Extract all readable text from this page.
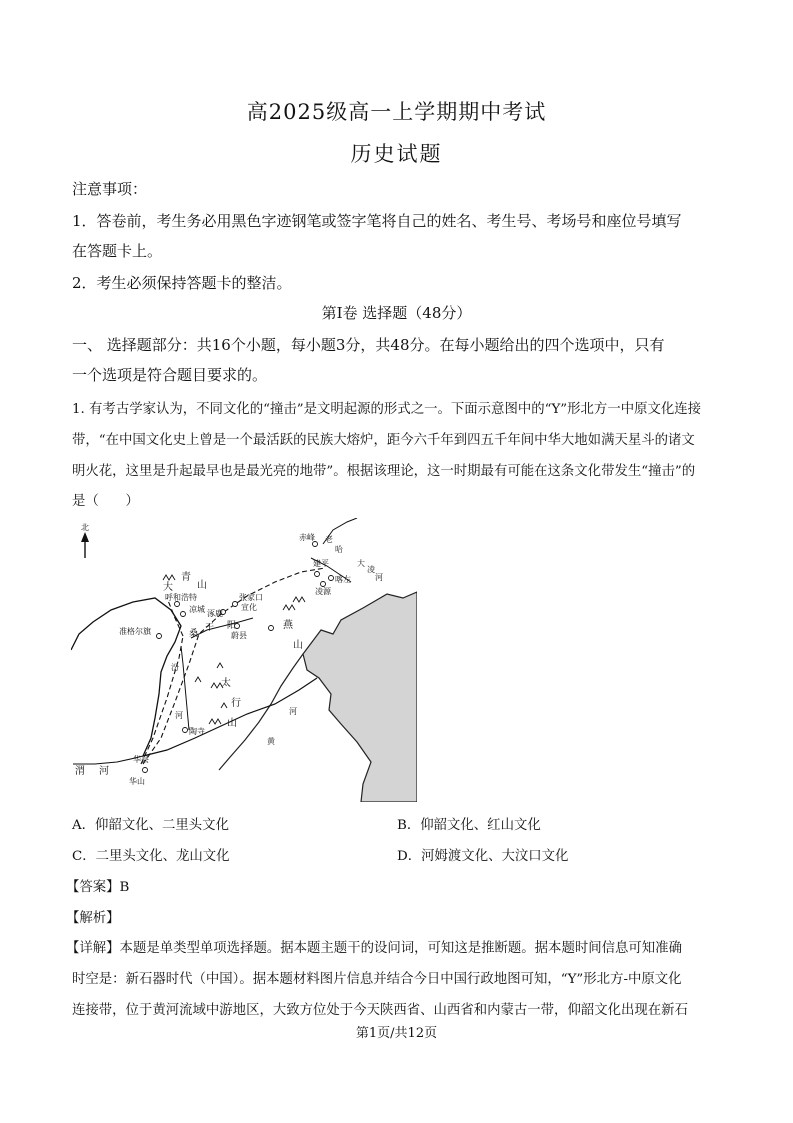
高2025级高一上学期期中考试
历史试题
注意事项：
1．答卷前，考生务必用黑色字迹钢笔或签字笔将自己的姓名、考生号、考场号和座位号填写
在答题卡上。
2．考生必须保持答题卡的整洁。
第Ⅰ卷 选择题（48分）
一、 选择题部分：共16个小题，每小题3分，共48分。在每小题给出的四个选项中，只有
一个选项是符合题目要求的。
1. 有考古学家认为，不同文化的“撞击”是文明起源的形式之一。下面示意图中的“Y”形北方一中原文化连接
带，“在中国文化史上曾是一个最活跃的民族大熔炉，距今六千年到四五千年间中华大地如满天星斗的诸文
明火花，这里是升起最早也是最光亮的地带”。根据该理论，这一时期最有可能在这条文化带发生“撞击”的
是（　　）
北
赤峰 老
哈
建平
喀左
凌源
大
凌
河
大
青
山
呼和浩特
凉城
张家口
宣化
涿鹿
燕
山
准格尔旗	桑
干 阳
蔚县
汾
太
行
山
河
陶寺
河
黄
华县
渭 河
华山
A．仰韶文化、二里头文化	B．仰韶文化、红山文化
C．二里头文化、龙山文化	D．河姆渡文化、大汶口文化
【答案】B
【解析】
【详解】本题是单类型单项选择题。据本题主题干的设问词，可知这是推断题。据本题时间信息可知准确
时空是：新石器时代（中国）。据本题材料图片信息并结合今日中国行政地图可知，“Y”形北方-中原文化
连接带，位于黄河流域中游地区，大致方位处于今天陕西省、山西省和内蒙古一带，仰韶文化出现在新石
第1页/共12页
